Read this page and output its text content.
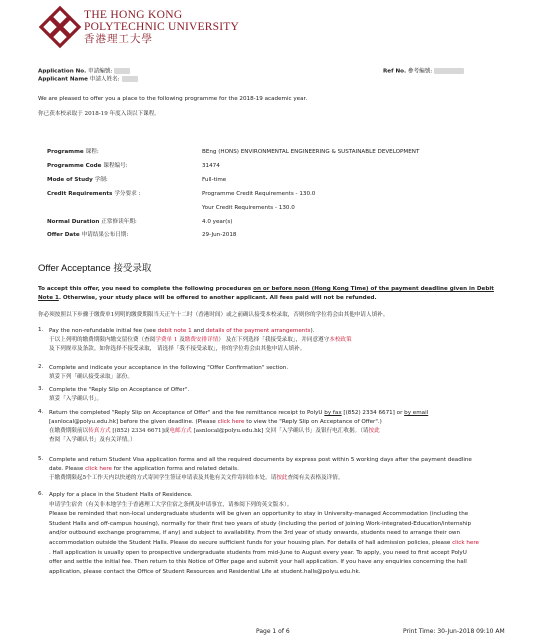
THE HONG KONG
POLYTECHNIC UNIVERSITY
香港理工大學
Application No. 申請編號:
Applicant Name 申請人姓名:
Ref No. 參考編號:
We are pleased to offer you a place to the following programme for the 2018-19 academic year.
你已获本校录取于 2018-19 年度入读以下课程。
Programme 课程:	BEng (HONS) ENVIRONMENTAL ENGINEERING & SUSTAINABLE DEVELOPMENT
Programme Code 课程编号:	31474
Mode of Study 学制:	Full-time
Credit Requirements 学分要求 :	Programme Credit Requirements - 130.0
Your Credit Requirements - 130.0
Normal Duration 正常修读年期:	4.0 year(s)
Offer Date 申请结果公布日期:	29-Jun-2018
Offer Acceptance 接受录取
To accept this offer, you need to complete the following procedures on or before noon (Hong Kong Time) of the payment deadline given in Debit Note 1. Otherwise, your study place will be offered to another applicant. All fees paid will not be refunded.
你必须按照以下步骤于缴费单1列明的缴费期限当天正午十二时（香港时间）或之前确认接受本校录取，否则你的学位将会由其他申请人填补。
1. Pay the non-refundable initial fee (see debit note 1 and details of the payment arrangements).
于以上列明的缴费期限内缴交留位费（查阅学费单 1 及缴费安排详情） 及在下列选择「我接受录取」，并同意遵守本校政策
及下列规章及条款。如你选择不接受录取， 请选择「我不接受录取」，你的学位将会由其他申请人填补。
2. Complete and indicate your acceptance in the following "Offer Confirmation" section.
填妥下列「确认接受录取」部份。
3. Complete the "Reply Slip on Acceptance of Offer".
填妥「入学确认书」。
4. Return the completed "Reply Slip on Acceptance of Offer" and the fee remittance receipt to PolyU by fax [(852) 2334 6671] or by email
[asnlocal@polyu.edu.hk] before the given deadline. (Please click here to view the "Reply Slip on Acceptance of Offer".)
在缴费期限前以传真方式 [(852) 2334 6671]或电邮方式 [asnlocal@polyu.edu.hk] 交回「入学确认书」及银行电汇收据。（请按此
查阅「入学确认书」及有关详情。）
5. Complete and return Student Visa application forms and all the required documents by express post within 5 working days after the payment deadline
date. Please click here for the application forms and related details.
于缴费期限起5个工作天内以快递的方式寄回学生签证申请表及其他有关文件寄回给本处。请按此查阅有关表格及详情。
6. Apply for a place in the Student Halls of Residence.
申请学生宿舍（有关非本地学生于香港理工大学住宿之条例及申请事宜，请参阅下列的英文版本）。
Please be reminded that non-local undergraduate students will be given an opportunity to stay in University-managed Accommodation (including the
Student Halls and off-campus housing), normally for their first two years of study (including the period of joining Work-integrated-Education/internship
and/or outbound exchange programme, if any) and subject to availability. From the 3rd year of study onwards, students need to arrange their own
accommodation outside the Student Halls. Please do secure sufficient funds for your housing plan. For details of hall admission policies, please click here
. Hall application is usually open to prospective undergraduate students from mid-June to August every year. To apply, you need to first accept PolyU
offer and settle the initial fee. Then return to this Notice of Offer page and submit your hall application. If you have any enquiries concerning the hall
application, please contact the Office of Student Resources and Residential Life at student.halls@polyu.edu.hk.
Page 1 of 6	Print Time: 30-Jun-2018 09:10 AM
